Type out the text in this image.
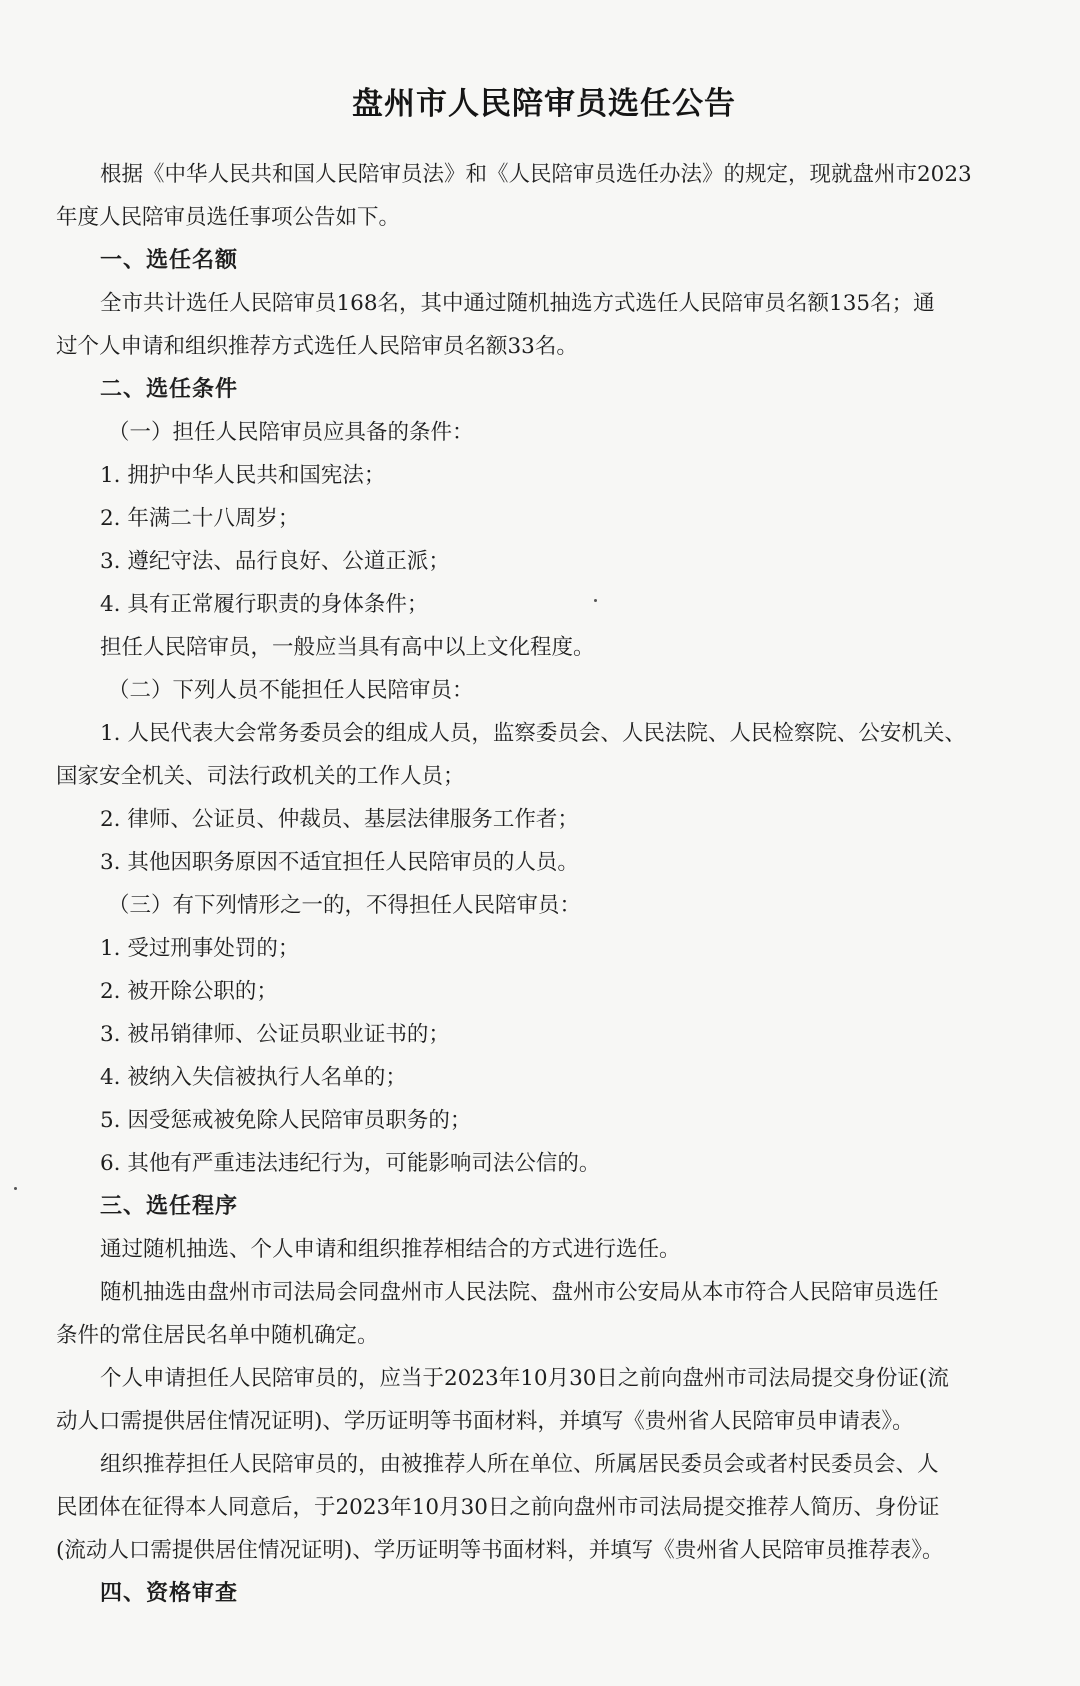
盘州市人民陪审员选任公告

根据《中华人民共和国人民陪审员法》和《人民陪审员选任办法》的规定，现就盘州市2023

年度人民陪审员选任事项公告如下。

一、选任名额

全市共计选任人民陪审员168名，其中通过随机抽选方式选任人民陪审员名额135名；通

过个人申请和组织推荐方式选任人民陪审员名额33名。

二、选任条件

（一）担任人民陪审员应具备的条件：

1. 拥护中华人民共和国宪法；

2. 年满二十八周岁；

3. 遵纪守法、品行良好、公道正派；

4. 具有正常履行职责的身体条件；

担任人民陪审员，一般应当具有高中以上文化程度。

（二）下列人员不能担任人民陪审员：

1. 人民代表大会常务委员会的组成人员，监察委员会、人民法院、人民检察院、公安机关、

国家安全机关、司法行政机关的工作人员；

2. 律师、公证员、仲裁员、基层法律服务工作者；

3. 其他因职务原因不适宜担任人民陪审员的人员。

（三）有下列情形之一的，不得担任人民陪审员：

1. 受过刑事处罚的；

2. 被开除公职的；

3. 被吊销律师、公证员职业证书的；

4. 被纳入失信被执行人名单的；

5. 因受惩戒被免除人民陪审员职务的；

6. 其他有严重违法违纪行为，可能影响司法公信的。

三、选任程序

通过随机抽选、个人申请和组织推荐相结合的方式进行选任。

随机抽选由盘州市司法局会同盘州市人民法院、盘州市公安局从本市符合人民陪审员选任

条件的常住居民名单中随机确定。

个人申请担任人民陪审员的，应当于2023年10月30日之前向盘州市司法局提交身份证(流

动人口需提供居住情况证明)、学历证明等书面材料，并填写《贵州省人民陪审员申请表》。

组织推荐担任人民陪审员的，由被推荐人所在单位、所属居民委员会或者村民委员会、人

民团体在征得本人同意后，于2023年10月30日之前向盘州市司法局提交推荐人简历、身份证

(流动人口需提供居住情况证明)、学历证明等书面材料，并填写《贵州省人民陪审员推荐表》。

四、资格审查
